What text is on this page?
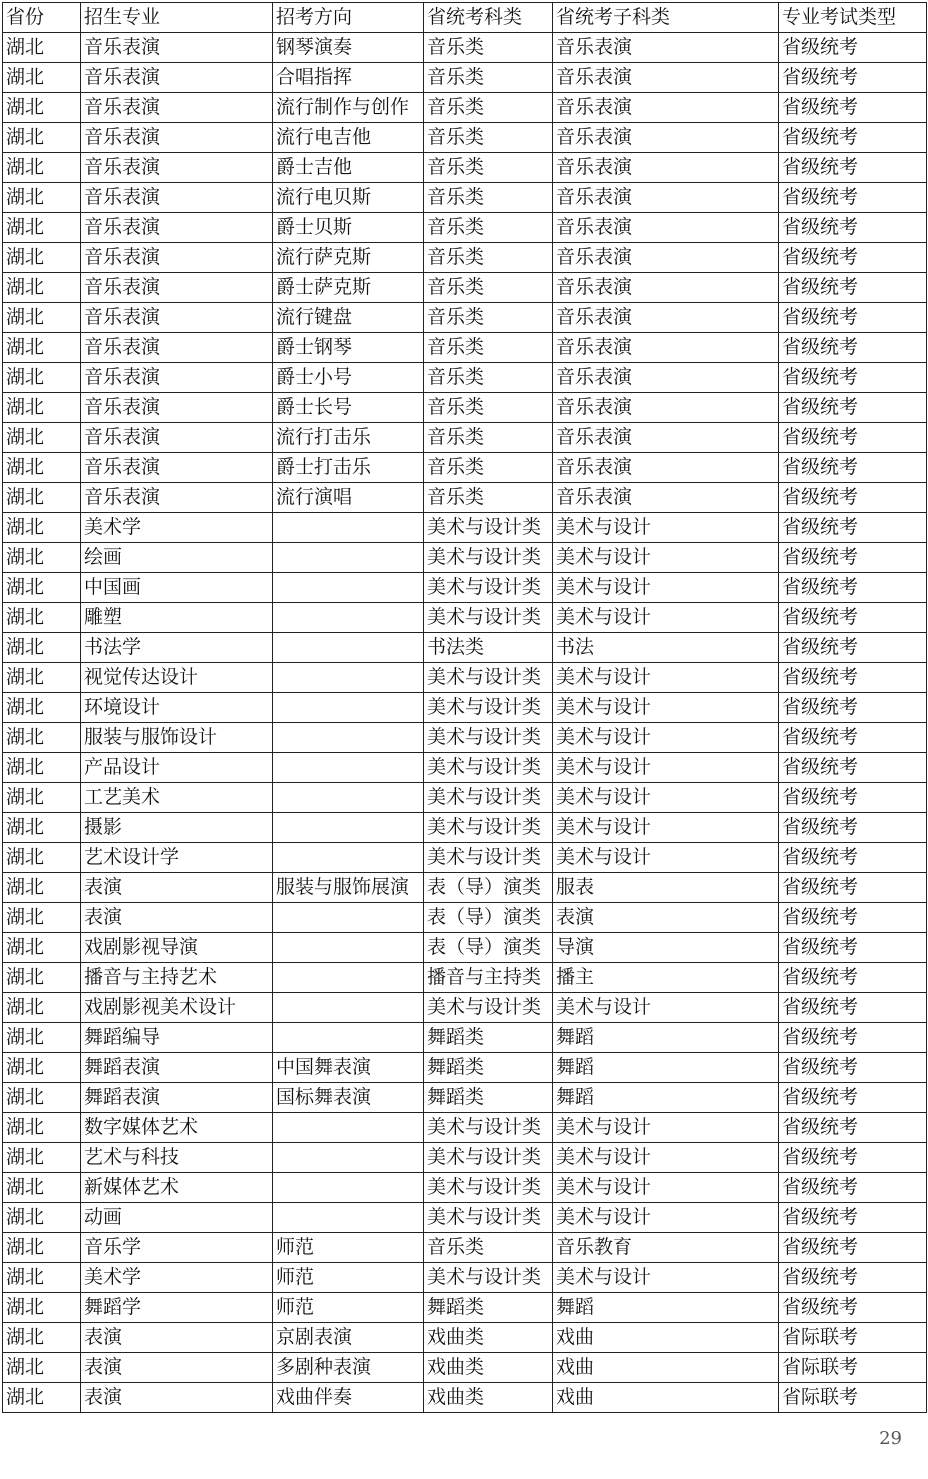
省份	招生专业	招考方向	省统考科类	省统考子科类	专业考试类型
湖北	音乐表演	钢琴演奏	音乐类	音乐表演	省级统考
湖北	音乐表演	合唱指挥	音乐类	音乐表演	省级统考
湖北	音乐表演	流行制作与创作	音乐类	音乐表演	省级统考
湖北	音乐表演	流行电吉他	音乐类	音乐表演	省级统考
湖北	音乐表演	爵士吉他	音乐类	音乐表演	省级统考
湖北	音乐表演	流行电贝斯	音乐类	音乐表演	省级统考
湖北	音乐表演	爵士贝斯	音乐类	音乐表演	省级统考
湖北	音乐表演	流行萨克斯	音乐类	音乐表演	省级统考
湖北	音乐表演	爵士萨克斯	音乐类	音乐表演	省级统考
湖北	音乐表演	流行键盘	音乐类	音乐表演	省级统考
湖北	音乐表演	爵士钢琴	音乐类	音乐表演	省级统考
湖北	音乐表演	爵士小号	音乐类	音乐表演	省级统考
湖北	音乐表演	爵士长号	音乐类	音乐表演	省级统考
湖北	音乐表演	流行打击乐	音乐类	音乐表演	省级统考
湖北	音乐表演	爵士打击乐	音乐类	音乐表演	省级统考
湖北	音乐表演	流行演唱	音乐类	音乐表演	省级统考
湖北	美术学		美术与设计类	美术与设计	省级统考
湖北	绘画		美术与设计类	美术与设计	省级统考
湖北	中国画		美术与设计类	美术与设计	省级统考
湖北	雕塑		美术与设计类	美术与设计	省级统考
湖北	书法学		书法类	书法	省级统考
湖北	视觉传达设计		美术与设计类	美术与设计	省级统考
湖北	环境设计		美术与设计类	美术与设计	省级统考
湖北	服装与服饰设计		美术与设计类	美术与设计	省级统考
湖北	产品设计		美术与设计类	美术与设计	省级统考
湖北	工艺美术		美术与设计类	美术与设计	省级统考
湖北	摄影		美术与设计类	美术与设计	省级统考
湖北	艺术设计学		美术与设计类	美术与设计	省级统考
湖北	表演	服装与服饰展演	表（导）演类	服表	省级统考
湖北	表演		表（导）演类	表演	省级统考
湖北	戏剧影视导演		表（导）演类	导演	省级统考
湖北	播音与主持艺术		播音与主持类	播主	省级统考
湖北	戏剧影视美术设计		美术与设计类	美术与设计	省级统考
湖北	舞蹈编导		舞蹈类	舞蹈	省级统考
湖北	舞蹈表演	中国舞表演	舞蹈类	舞蹈	省级统考
湖北	舞蹈表演	国标舞表演	舞蹈类	舞蹈	省级统考
湖北	数字媒体艺术		美术与设计类	美术与设计	省级统考
湖北	艺术与科技		美术与设计类	美术与设计	省级统考
湖北	新媒体艺术		美术与设计类	美术与设计	省级统考
湖北	动画		美术与设计类	美术与设计	省级统考
湖北	音乐学	师范	音乐类	音乐教育	省级统考
湖北	美术学	师范	美术与设计类	美术与设计	省级统考
湖北	舞蹈学	师范	舞蹈类	舞蹈	省级统考
湖北	表演	京剧表演	戏曲类	戏曲	省际联考
湖北	表演	多剧种表演	戏曲类	戏曲	省际联考
湖北	表演	戏曲伴奏	戏曲类	戏曲	省际联考
29
